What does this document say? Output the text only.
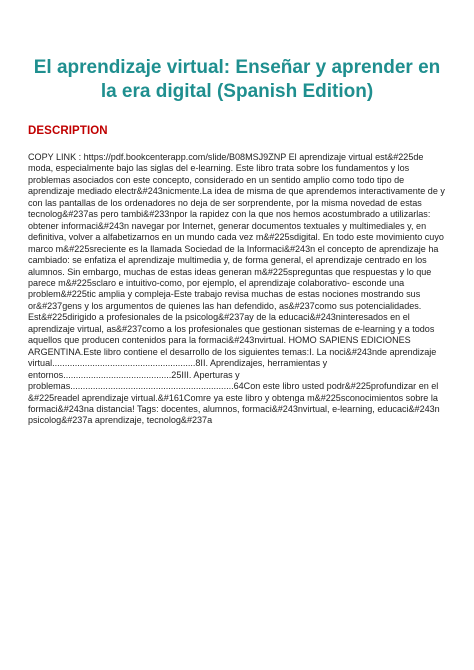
El aprendizaje virtual: Enseñar y aprender en la era digital (Spanish Edition)
DESCRIPTION

COPY LINK : https://pdf.bookcenterapp.com/slide/B08MSJ9ZNP El aprendizaje virtual est&#225de moda, especialmente bajo las siglas del e-learning. Este libro trata sobre los fundamentos y los problemas asociados con este concepto, considerado en un sentido amplio como todo tipo de aprendizaje mediado electr&#243nicmente.La idea de misma de que aprendemos interactivamente de y con las pantallas de los ordenadores no deja de ser sorprendente, por la misma novedad de estas tecnolog&#237as pero tambi&#233npor la rapidez con la que nos hemos acostumbrado a utilizarlas: obtener informaci&#243n navegar por Internet, generar documentos textuales y multimediales y, en definitiva, volver a alfabetizarnos en un mundo cada vez m&#225sdigital. En todo este movimiento cuyo marco m&#225sreciente es la llamada Sociedad de la Informaci&#243n el concepto de aprendizaje ha cambiado: se enfatiza el aprendizaje multimedia y, de forma general, el aprendizaje centrado en los alumnos. Sin embargo, muchas de estas ideas generan m&#225spreguntas que respuestas y lo que parece m&#225sclaro e intuitivo-como, por ejemplo, el aprendizaje colaborativo- esconde una problem&#225tic amplia y compleja-Este trabajo revisa muchas de estas nociones mostrando sus or&#237gens y los argumentos de quienes las han defendido, as&#237como sus potencialidades. Est&#225dirigido a profesionales de la psicolog&#237ay de la educaci&#243ninteresados en el aprendizaje virtual, as&#237como a los profesionales que gestionan sistemas de e-learning y a todos aquellos que producen contenidos para la formaci&#243nvirtual. HOMO SAPIENS EDICIONES ARGENTINA.Este libro contiene el desarrollo de los siguientes temas:I. La noci&#243nde aprendizaje virtual.........................................................8II. Aprendizajes, herramientas y entornos...........................................25III. Aperturas y problemas.................................................................64Con este libro usted podr&#225profundizar en el &#225readel aprendizaje virtual.&#161Comre ya este libro y obtenga m&#225sconocimientos sobre la formaci&#243na distancia! Tags: docentes, alumnos, formaci&#243nvirtual, e-learning, educaci&#243n psicolog&#237a aprendizaje, tecnolog&#237a
